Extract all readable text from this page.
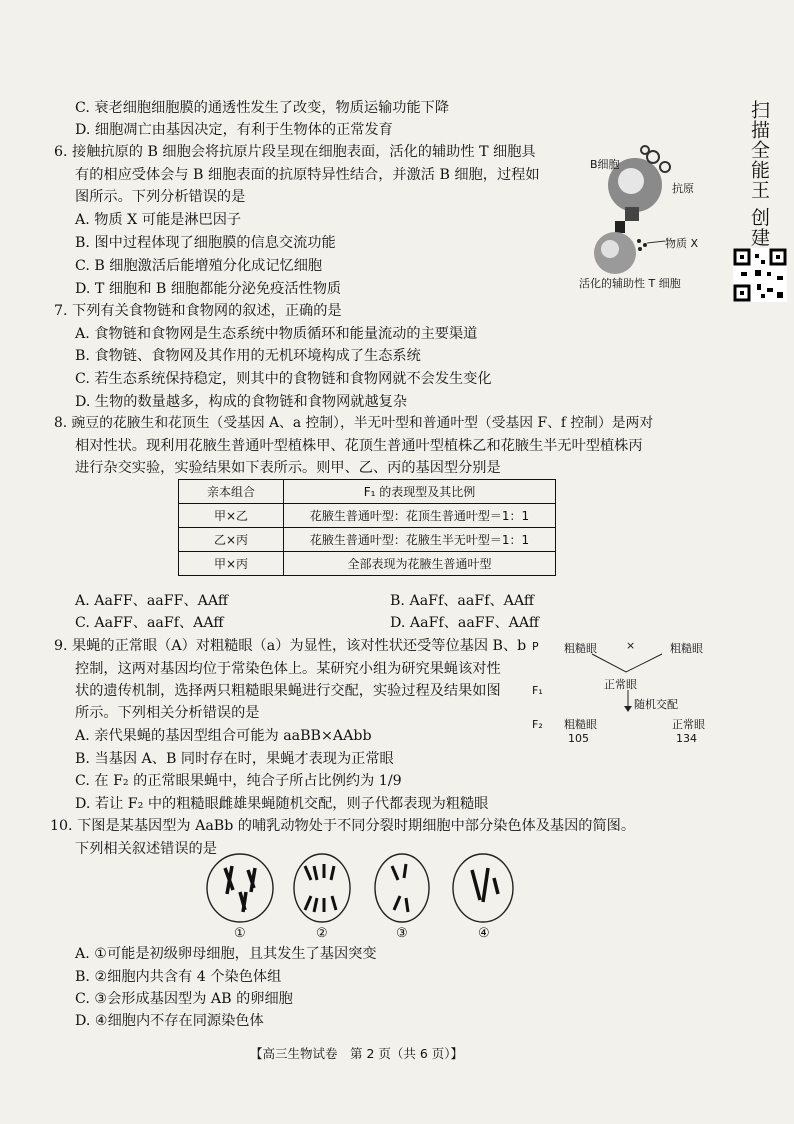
C. 衰老细胞细胞膜的通透性发生了改变，物质运输功能下降
D. 细胞凋亡由基因决定，有利于生物体的正常发育
6. 接触抗原的 B 细胞会将抗原片段呈现在细胞表面，活化的辅助性 T 细胞具
有的相应受体会与 B 细胞表面的抗原特异性结合，并激活 B 细胞，过程如
图所示。下列分析错误的是
A. 物质 X 可能是淋巴因子
B. 图中过程体现了细胞膜的信息交流功能
C. B 细胞激活后能增殖分化成记忆细胞
D. T 细胞和 B 细胞都能分泌免疫活性物质
7. 下列有关食物链和食物网的叙述，正确的是
A. 食物链和食物网是生态系统中物质循环和能量流动的主要渠道
B. 食物链、食物网及其作用的无机环境构成了生态系统
C. 若生态系统保持稳定，则其中的食物链和食物网就不会发生变化
D. 生物的数量越多，构成的食物链和食物网就越复杂
8. 豌豆的花腋生和花顶生（受基因 A、a 控制），半无叶型和普通叶型（受基因 F、f 控制）是两对
相对性状。现利用花腋生普通叶型植株甲、花顶生普通叶型植株乙和花腋生半无叶型植株丙
进行杂交实验，实验结果如下表所示。则甲、乙、丙的基因型分别是
亲本组合	F₁ 的表现型及其比例
甲×乙	花腋生普通叶型：花顶生普通叶型＝1：1
乙×丙	花腋生普通叶型：花腋生半无叶型＝1：1
甲×丙	全部表现为花腋生普通叶型
A. AaFF、aaFF、AAff	B. AaFf、aaFf、AAff
C. AaFF、aaFf、AAff	D. AaFf、aaFF、AAff
9. 果蝇的正常眼（A）对粗糙眼（a）为显性，该对性状还受等位基因 B、b
控制，这两对基因均位于常染色体上。某研究小组为研究果蝇该对性
状的遗传机制，选择两只粗糙眼果蝇进行交配，实验过程及结果如图
所示。下列相关分析错误的是
A. 亲代果蝇的基因型组合可能为 aaBB×AAbb
B. 当基因 A、B 同时存在时，果蝇才表现为正常眼
C. 在 F₂ 的正常眼果蝇中，纯合子所占比例约为 1/9
D. 若让 F₂ 中的粗糙眼雌雄果蝇随机交配，则子代都表现为粗糙眼
10. 下图是某基因型为 AaBb 的哺乳动物处于不同分裂时期细胞中部分染色体及基因的简图。
下列相关叙述错误的是
A. ①可能是初级卵母细胞，且其发生了基因突变
B. ②细胞内共含有 4 个染色体组
C. ③会形成基因型为 AB 的卵细胞
D. ④细胞内不存在同源染色体
B细胞
抗原
物质 X
活化的辅助性 T 细胞
P 粗糙眼	×	粗糙眼
F₁	正常眼
随机交配
F₂ 粗糙眼	正常眼
105	134
①	②	③	④
扫描全能王 创建
【高三生物试卷　第 2 页（共 6 页）】
